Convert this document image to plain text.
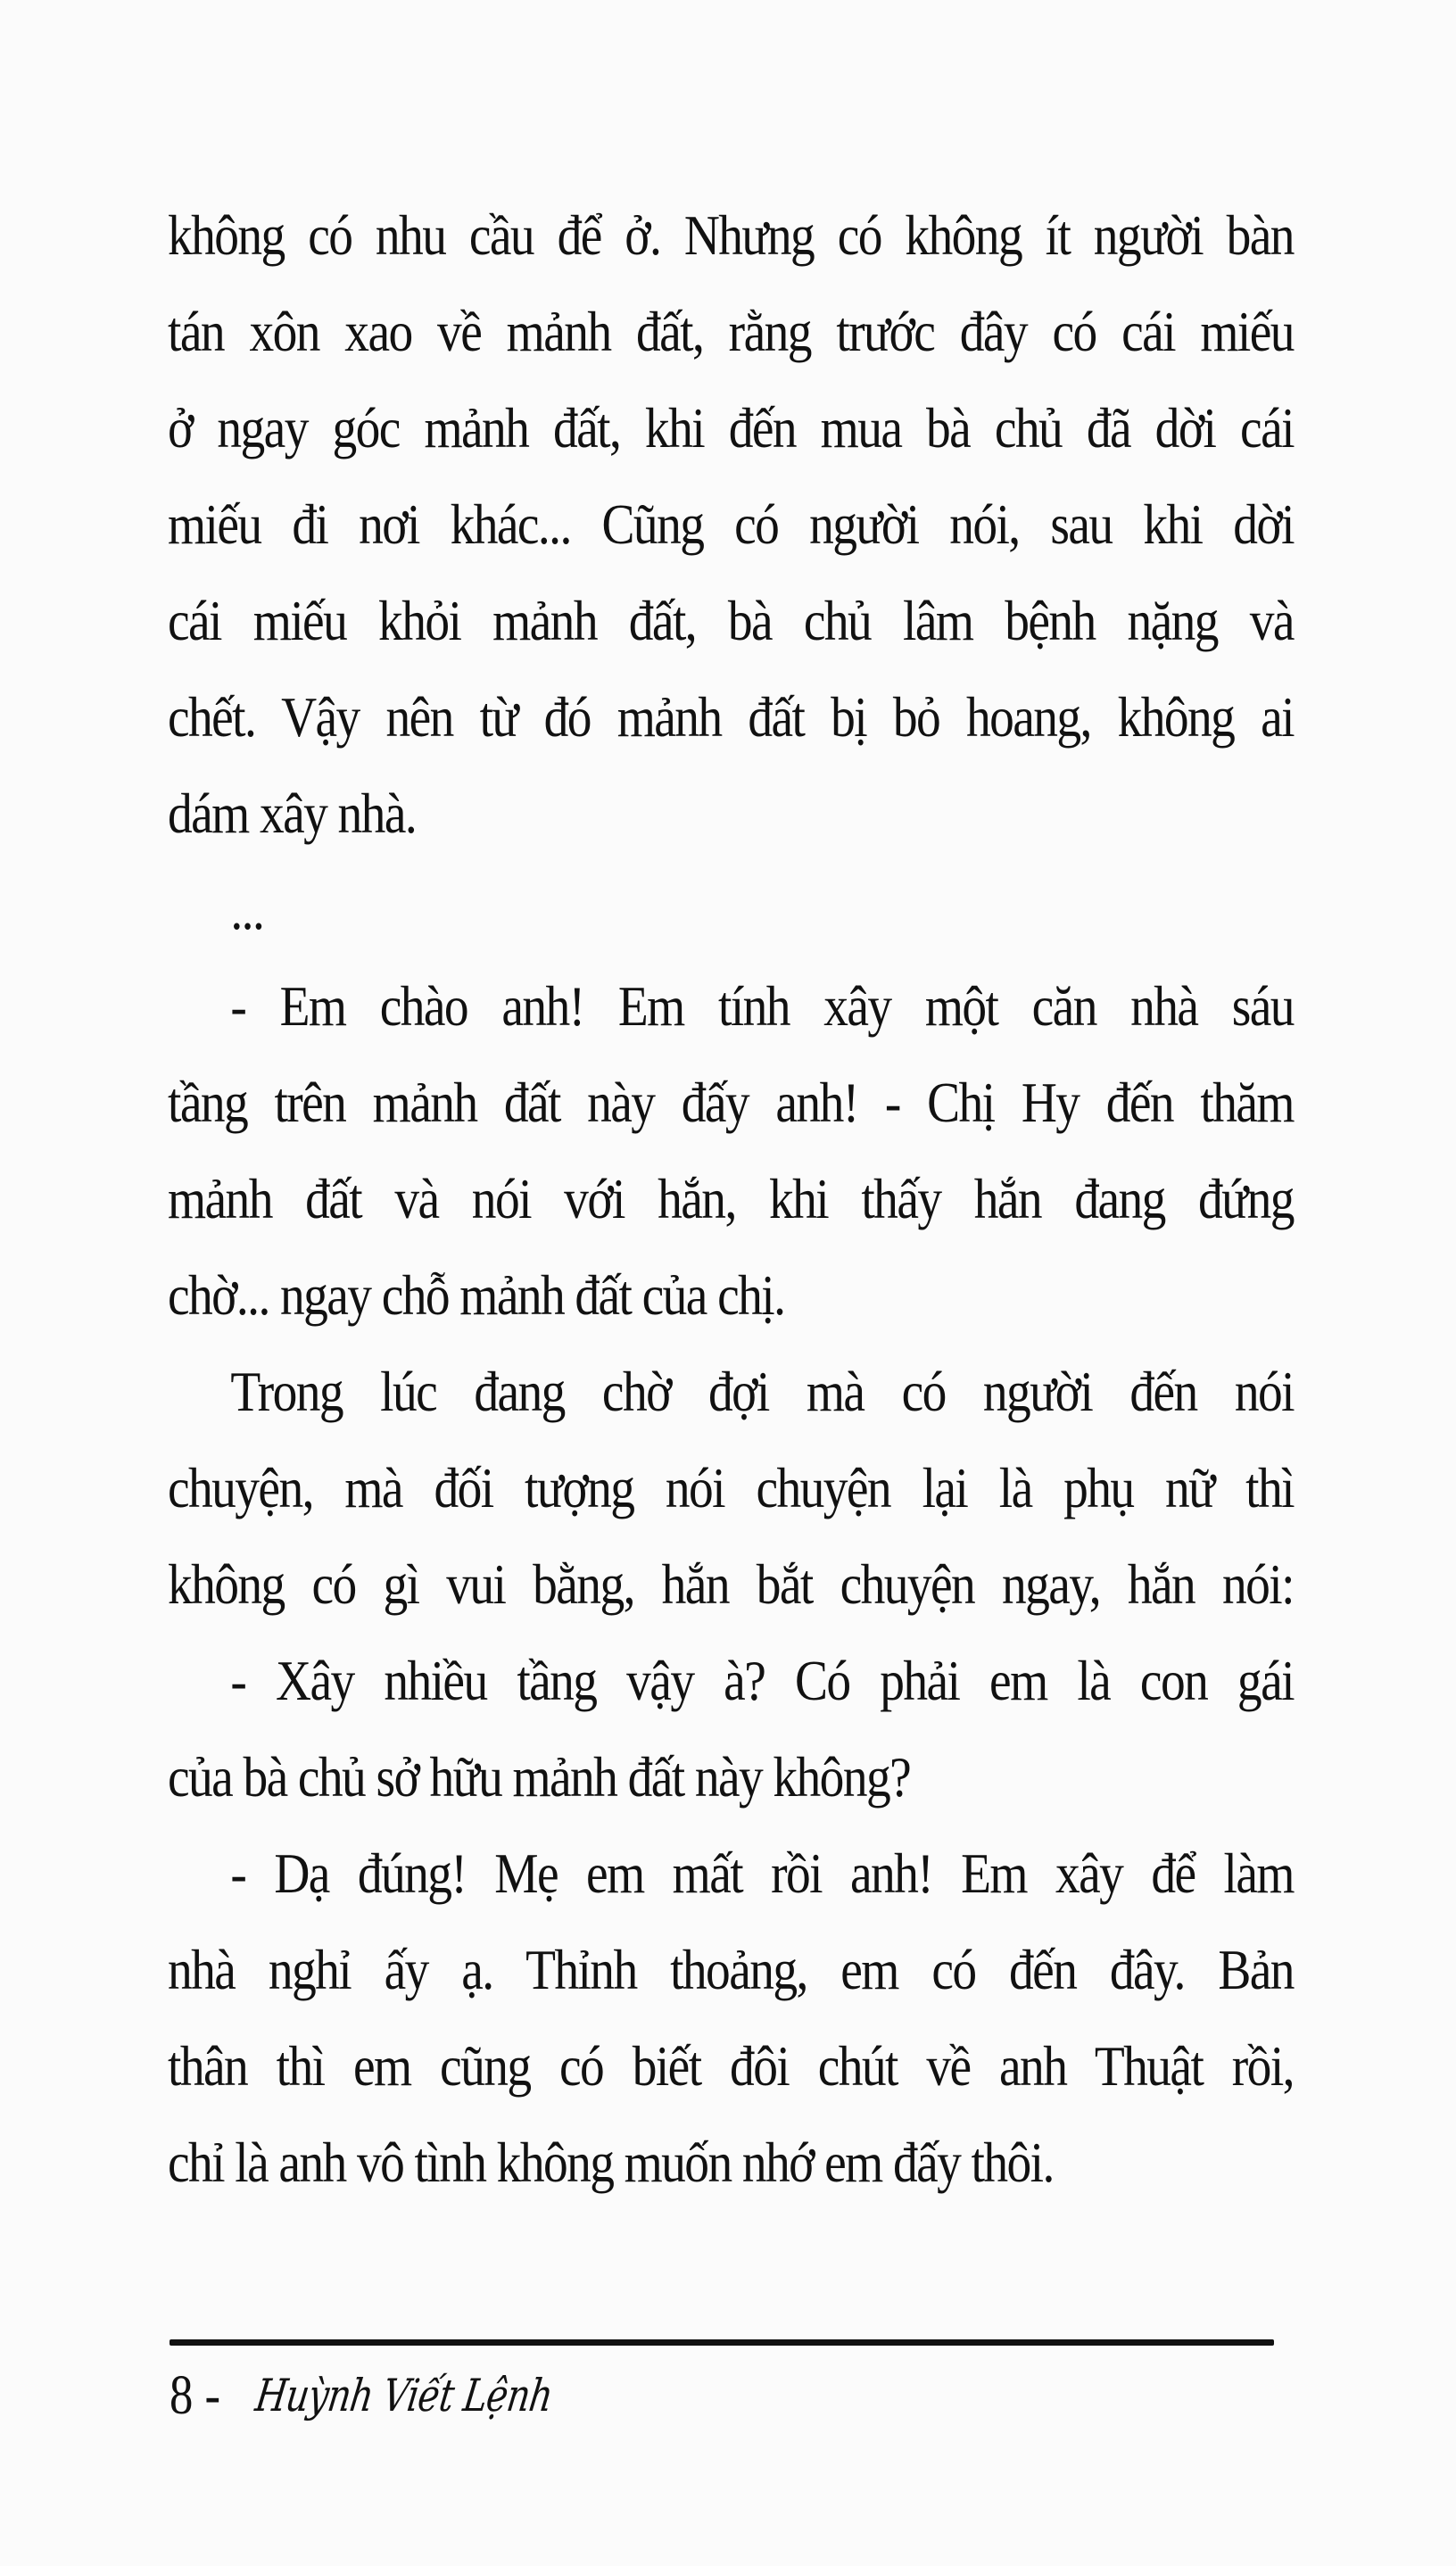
không có nhu cầu để ở. Nhưng có không ít người bàn
tán xôn xao về mảnh đất, rằng trước đây có cái miếu
ở ngay góc mảnh đất, khi đến mua bà chủ đã dời cái
miếu đi nơi khác... Cũng có người nói, sau khi dời
cái miếu khỏi mảnh đất, bà chủ lâm bệnh nặng và
chết. Vậy nên từ đó mảnh đất bị bỏ hoang, không ai
dám xây nhà.
...
- Em chào anh! Em tính xây một căn nhà sáu
tầng trên mảnh đất này đấy anh! - Chị Hy đến thăm
mảnh đất và nói với hắn, khi thấy hắn đang đứng
chờ... ngay chỗ mảnh đất của chị.
Trong lúc đang chờ đợi mà có người đến nói
chuyện, mà đối tượng nói chuyện lại là phụ nữ thì
không có gì vui bằng, hắn bắt chuyện ngay, hắn nói:
- Xây nhiều tầng vậy à? Có phải em là con gái
của bà chủ sở hữu mảnh đất này không?
- Dạ đúng! Mẹ em mất rồi anh! Em xây để làm
nhà nghỉ ấy ạ. Thỉnh thoảng, em có đến đây. Bản
thân thì em cũng có biết đôi chút về anh Thuật rồi,
chỉ là anh vô tình không muốn nhớ em đấy thôi.
8 - Huỳnh Viết Lệnh
